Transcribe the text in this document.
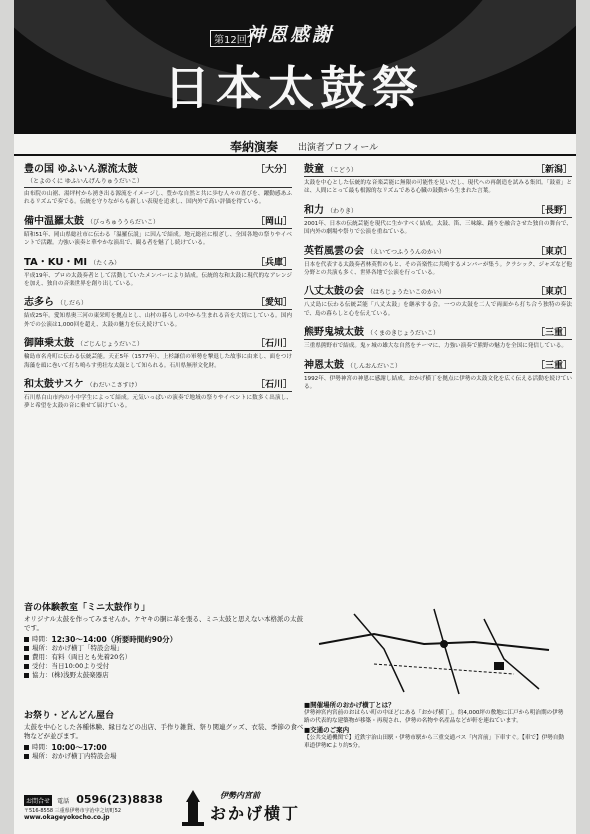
第12回 神恩感謝
日本太鼓祭
奉納演奏 出演者プロフィール
豊の国 ゆふいん源流太鼓（とよのくに ゆふいんげんりゅうだいこ）
［大分］
由布院の山裾、湯坪村から湧き出る源流をイメージし、豊かな自然と共に歩む人々の喜びを、躍動感あふれるリズムで奏でる。伝統を守りながらも新しい表現を追求し、国内外で高い評価を得ている。
備中温羅太鼓 （びっちゅううらだいこ）	［岡山］
昭和51年、岡山県総社市に伝わる「温羅伝説」に因んで結成。地元総社に根ざし、全国各地の祭りやイベントで活躍。力強い演奏と華やかな演出で、観る者を魅了し続けている。
TA・KU・MI （たくみ）	［兵庫］
平成19年、プロの太鼓奏者として活動していたメンバーにより結成。伝統的な和太鼓に現代的なアレンジを加え、独自の音楽世界を創り出している。
志多ら （しだら）	［愛知］
結成25年。愛知県奥三河の東栄町を拠点とし、山村の暮らしの中から生まれる音を大切にしている。国内外での公演は1,000回を超え、太鼓の魅力を伝え続けている。
御陣乗太鼓 （ごじんじょうだいこ）	［石川］
輪島市名舟町に伝わる伝統芸能。天正5年（1577年）、上杉謙信の軍勢を撃退した故事に由来し、面をつけ海藻を頭に巻いて打ち鳴らす勇壮な太鼓として知られる。石川県無形文化財。
和太鼓サスケ （わだいこさすけ）	［石川］
石川県白山市内の小中学生によって結成。元気いっぱいの演奏で地域の祭りやイベントに数多く出演し、夢と希望を太鼓の音に乗せて届けている。
鼓童 （こどう）	［新潟］
太鼓を中心とした伝統的な音楽芸能に無限の可能性を見いだし、現代への再創造を試みる集団。「鼓童」とは、人間にとって最も根源的なリズムである心臓の鼓動から生まれた言葉。
和力 （わりき）	［長野］
2001年、日本の伝統芸能を現代に生かすべく結成。太鼓、笛、三味線、踊りを融合させた独自の舞台で、国内外の劇場や祭りで公演を重ねている。
英哲風雲の会 （えいてつふううんのかい）	［東京］
日本を代表する太鼓奏者林英哲のもと、その音楽性に共鳴するメンバーが集う。クラシック、ジャズなど他分野との共演も多く、世界各地で公演を行っている。
八丈太鼓の会 （はちじょうたいこのかい）	［東京］
八丈島に伝わる伝統芸能「八丈太鼓」を継承する会。一つの太鼓を二人で両面から打ち合う独特の奏法で、島の暮らしと心を伝えている。
熊野鬼城太鼓 （くまのきじょうだいこ）	［三重］
三重県熊野市で結成。鬼ヶ城の雄大な自然をテーマに、力強い演奏で熊野の魅力を全国に発信している。
神恩太鼓 （しんおんだいこ）	［三重］
1992年、伊勢神宮の神恩に感謝し結成。おかげ横丁を拠点に伊勢の太鼓文化を広く伝える活動を続けている。
音の体験教室「ミニ太鼓作り」
オリジナル太鼓を作ってみませんか。ケヤキの胴に革を張る、ミニ太鼓と思えない本格派の太鼓です。
時間： 12:30〜14:00（所要時間約90分）
場所： おかげ横丁「特設会場」
費用： 有料（両日とも先着20名）
受付： 当日10:00より受付
協力： (株)浅野太鼓楽器店
お祭り・どんどん屋台
太鼓を中心とした各種体験、縁日などの出店、手作り雑貨、祭り関連グッズ、衣装、季節の食べ物などが並びます。
時間： 10:00〜17:00
場所： おかげ横丁内特設会場
■開催場所のおかげ横丁とは？
伊勢神宮内宮前のおはらい町の中ほどにある「おかげ横丁」。約4,000坪の敷地に江戸から明治期の伊勢路の代表的な建築物が移築・再現され、伊勢の名物や名産品などが軒を連ねています。
■交通のご案内
【公共交通機関で】近鉄宇治山田駅・伊勢市駅から三重交通バス「内宮前」下車すぐ。【車で】伊勢自動車道伊勢ICより約5分。
お問合せ 電話 0596(23)8838
〒516-8558 三重県伊勢市宇治中之切町52
www.okageyokocho.co.jp
伊勢内宮前
おかげ横丁
